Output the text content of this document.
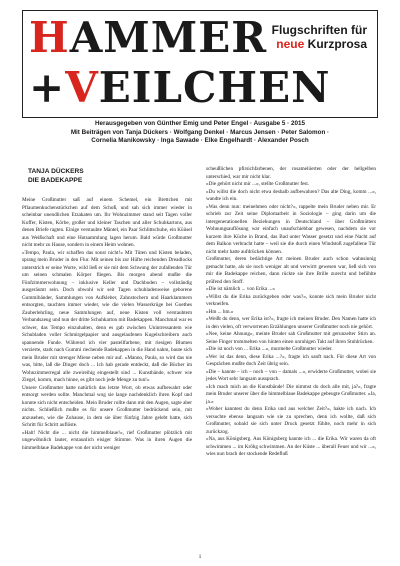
HAMMER
+VEILCHEN
Flugschriften für
neue Kurzprosa
Herausgegeben von Günther Emig und Peter Engel · Ausgabe 5 · 2015
Mit Beiträgen von Tanja Dückers · Wolfgang Denkel · Marcus Jensen · Peter Salomon ·
Cornelia Manikowsky · Inga Sawade · Elke Engelhardt · Alexander Posch
TANJA DÜCKERS
DIE BADEKAPPE

Meine Großmutter saß auf einem Schemel, ein Brettchen mit Pflaumenkuchenstückchen auf dem Schoß, und sah sich immer wieder in scheinbar unendlichen Etzakaten um. Ihr Wohnzimmer stand seit Tagen voller Koffer, Kisten, Körbe, großer und kleiner Taschen und aller Schuhkartons, aus denen Briefe ragten. Einige verstaubte Mäntel, ein Paar Schlittschuhe, ein Küüsel aus Weißschaft und eine Hutsammlung lagen herum. Bald würde Großmutter nicht mehr zu Hause, sondern in einem Heim wohnen.

»Tempo, Paula, wir schaffen das sonst nicht!« Mit Tüten und Kisten beladen, sprang mein Bruder in den Flur. Mit seinen bis zur Hüfte reichenden Dreadlocks unterstrich er seine Worte, wild ließ er sie mit dem Schwung der zufallenden Tür um seinen schmalen Körper fliegen. Bis morgen abend mußte die Fünfzimmerwohnung – inklusive Keller und Dachboden – vollständig ausgeräumt sein. Doch obwohl wir seit Tagen schuhladenweise geborene Gummibänder, Sammlungen von Aufkleber, Zahnstochern und Haarklammern entsorgten, tauchten immer wieder, wie die vielen Wasserkrüge bei Goethes Zauberlehrling, neue Sammlungen auf, neue Kisten voll verstaubtem Verbandszeug und nun der dritte Schuhkarton mit Badekappen. Manchmal war es schwer, das Tempo einzuhalten, denn es gab zwischen Unintressantem wie Schubladen voller Schmirgelpapier und ausgelaufenen Kugelschreibern auch spannende Funde. Während ich vier pastellfarbene, mit riesigen Blumen verzierte, stark nach Gummi riechende Badekappen in die Hand nahm, baute sich mein Bruder mit strenger Miene neben mir auf. »Manno, Paula, so wird das nie was, bitte, laß die Dinger doch ... Ich hab gerade entdeckt, daß die Bücher im Wohnzimmerregal alle zweireihig eingestellt sind ... Kunstbände, schwer wie Ziegel, komm, mach hinne, es gibt noch jede Menge zu tun!«

Unsere Großmutter hatte natürlich das letzte Wort, ob etwas aufbewahrt oder entsorgt werden sollte. Manchmal wog sie lange nachdenklich ihren Kopf und konnte sich nicht entscheiden. Mein Bruder rollte dann mit den Augen, sagte aber nichts. Schließlich mußte es für unsere Großmutter bedrückend sein, mit anzusehen, wie die Zuhause, in dem sie über fünfzig Jahre gelebt hatte, sich Schritt für Schritt auflöste.

»Halt! Nicht die ... nicht die himmelblaue!«, rief Großmutter plötzlich mit ungewöhnlich lauter, erstaunlich eisiger Stimme. Was in ihren Augen die himmelblaue Badekappe von der nicht weniger

scheußlichen pfirsichfarbenen, der rosameliierten oder der hellgelben unterschied, war mir nicht klar.

»Die gehört nicht mir ...«, stellte Großmutter fest.

»Du willst die doch nicht etwa deshalb aufbewahren? Das alte Ding, komm ...«, wandte ich ein.

»Was denn nun: meinehmen oder nicht?«, rappelte mein Bruder neben mir. Er schrieb zur Zeit seine Diplomarbeit in Soziologie – ging darin um die intergenerationellen Beziehungen in Deutschland – über Großmütters Wohnungsauflösung war einfach unaufschiebbar gewesen, nachdem sie vor kurzem ihre Küche in Brand, das Bad unter Wasser gesetzt und eine Nacht auf dem Balkon verbracht hatte – weil sie die durch einen Windstoß zugefallene Tür nicht mehr hatte aufdrücken können.

Großmutter, deren bedächtige Art meinen Bruder auch schon wahnsinnig gemacht hatte, als sie noch weniger alt und verwirrt gewesen war, ließ sich von mir die Badekappe reichen, dann rückte sie ihre Brille zurecht und befühlte prüfend den Stoff.

»Die ist nämlich ... von Erika ...«

»Willst du die Erika zurückgeben oder was?«, konnte sich mein Bruder nicht verkneifen.

»Hm ... hm.«

»Weißt du denn, wer Erika ist?«, fragte ich meinen Bruder. Den Namen hatte ich in den vielen, oft verworrenen Erzählungen unserer Großmutter noch nie gehört.

»Nee, keine Ahnung«, meinte Bruder sah Großmutter mit gerunzelter Stirn an. Seine Finger trommelten von hinten einen unruhigen Takt auf ihren Stuhlrücken.

»Die ist noch von ... Erika ...«, murmelte Großmutter wieder.

»Wer ist das denn, diese Erika ...?«, fragte ich sanft nach. Für diese Art von Gesprächen mußte doch Zeit übrig sein.

»Die – kannte – ich – noch – von – damals ...«, erwiderte Großmutter, wobei sie jedes Wort sehr langsam aussprach.

»Ich mach mich an die Kunstbände! Die nimmst du doch alle mit, ja?«, fragte mein Bruder unserer über die himmelblaue Badekappe gebeugte Großmutter. »Ja, ja.«

»Woher kanntest du denn Erika und aus welcher Zeit?«, hakte ich nach. Ich versuchte ebenso langsam wie sie zu sprechen, denn ich wollte, daß sich Großmutter, sobald sie sich unter Druck gesetzt fühlte, noch mehr in sich zurückzog.

»Na, aus Königsberg. Aus Königsberg kannte ich ... die Erika. Wir waren da oft schwimmen ... im Kröhg schwimmen. An der Küste ... überall Feuer und wir ...«, wies nun brach der stockende Redefluß

1
